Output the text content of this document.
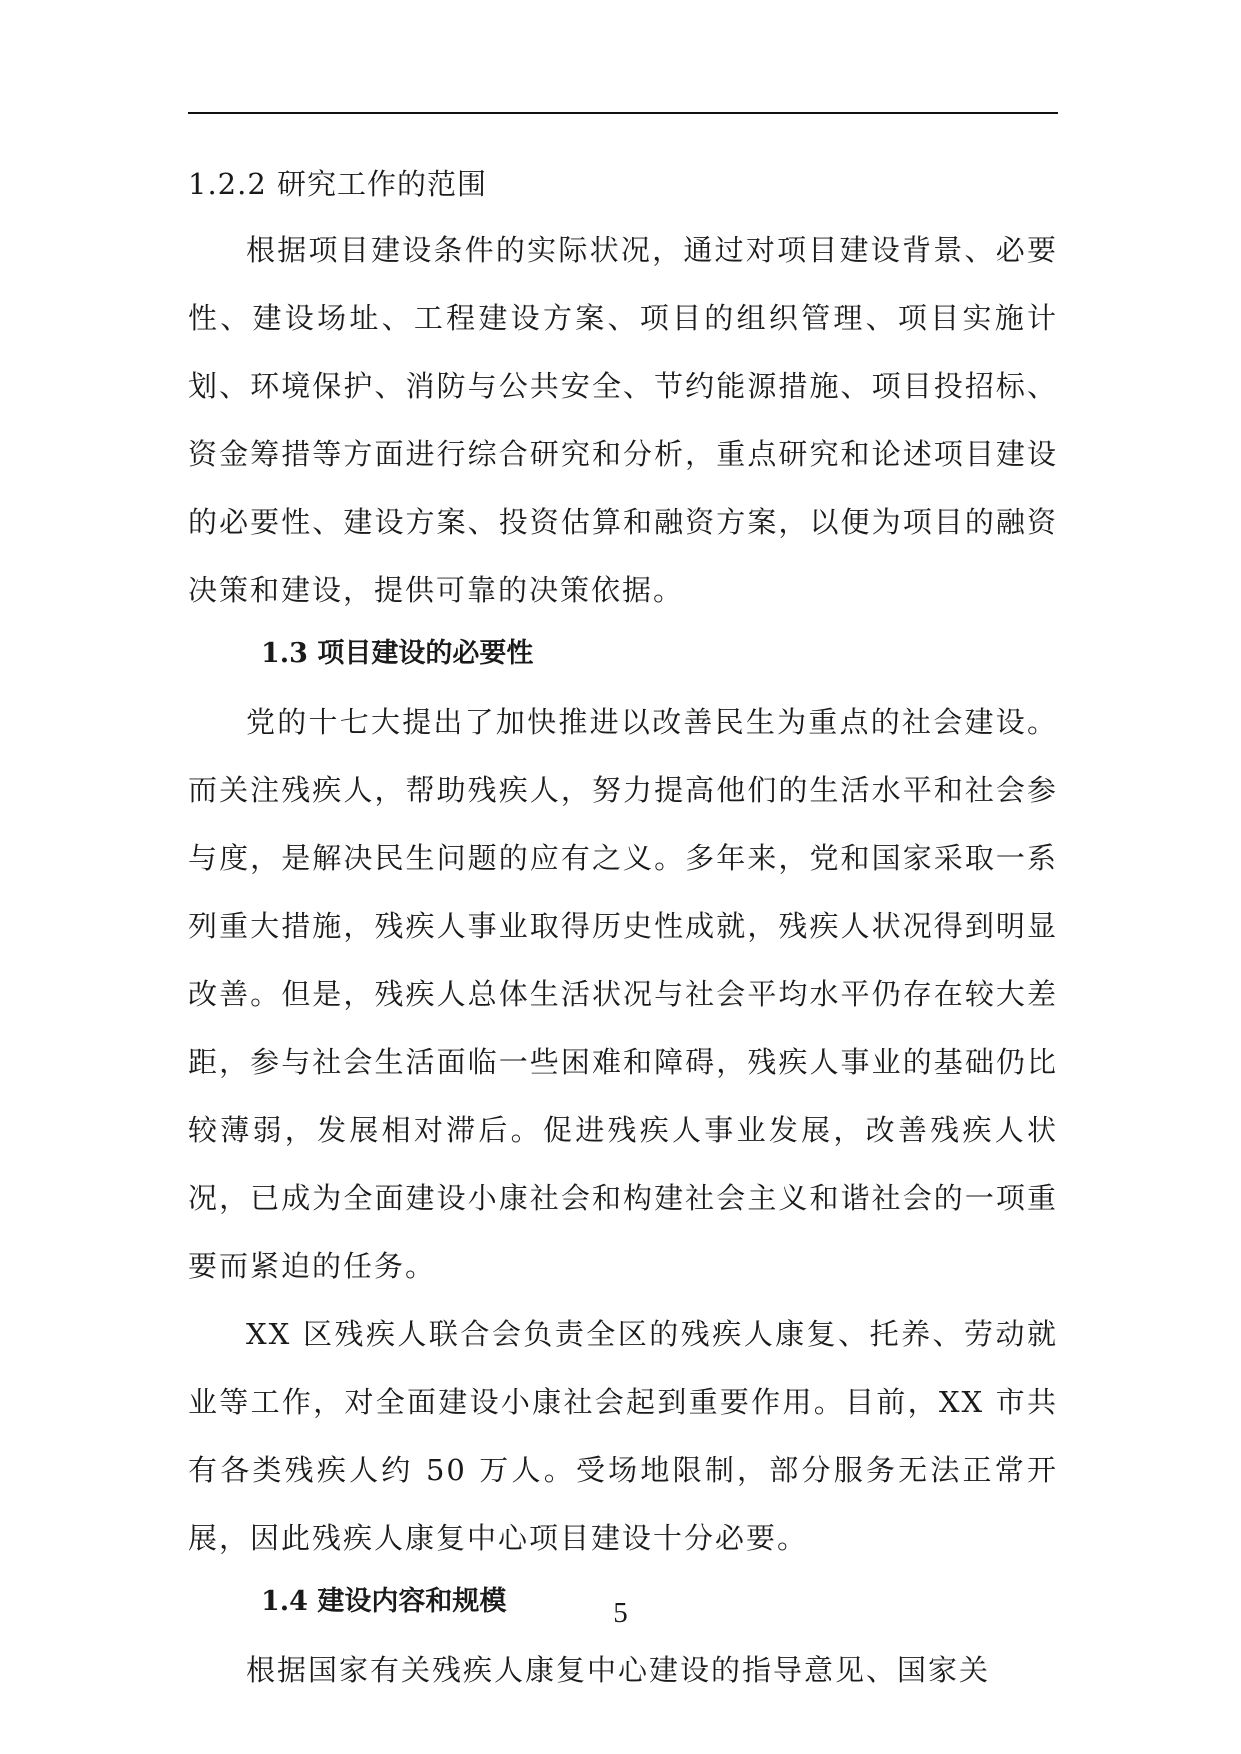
1.2.2 研究工作的范围

根据项目建设条件的实际状况，通过对项目建设背景、必要性、建设场址、工程建设方案、项目的组织管理、项目实施计划、环境保护、消防与公共安全、节约能源措施、项目投招标、资金筹措等方面进行综合研究和分析，重点研究和论述项目建设的必要性、建设方案、投资估算和融资方案，以便为项目的融资决策和建设，提供可靠的决策依据。

1.3 项目建设的必要性

党的十七大提出了加快推进以改善民生为重点的社会建设。而关注残疾人，帮助残疾人，努力提高他们的生活水平和社会参与度，是解决民生问题的应有之义。多年来，党和国家采取一系列重大措施，残疾人事业取得历史性成就，残疾人状况得到明显改善。但是，残疾人总体生活状况与社会平均水平仍存在较大差距，参与社会生活面临一些困难和障碍，残疾人事业的基础仍比较薄弱，发展相对滞后。促进残疾人事业发展，改善残疾人状况，已成为全面建设小康社会和构建社会主义和谐社会的一项重要而紧迫的任务。

XX 区残疾人联合会负责全区的残疾人康复、托养、劳动就业等工作，对全面建设小康社会起到重要作用。目前，XX 市共有各类残疾人约 50 万人。受场地限制，部分服务无法正常开展，因此残疾人康复中心项目建设十分必要。

1.4 建设内容和规模

根据国家有关残疾人康复中心建设的指导意见、国家关

5
